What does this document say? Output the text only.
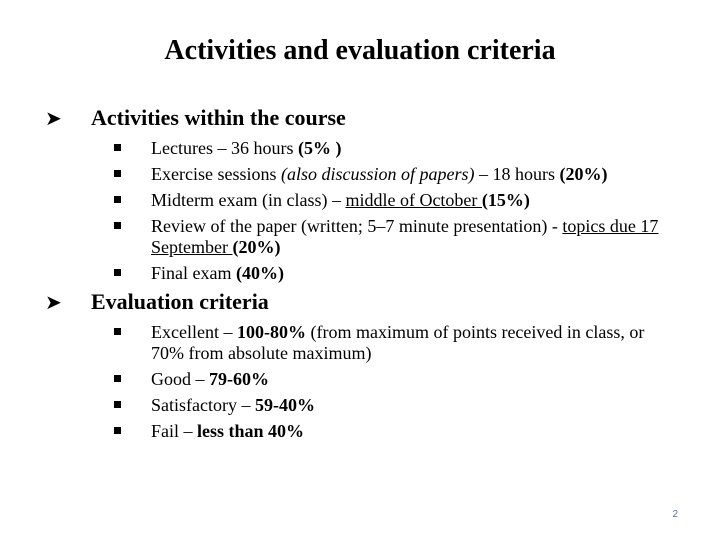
Activities and evaluation criteria
➤ Activities within the course
Lectures – 36 hours (5% )
Exercise sessions (also discussion of papers) – 18 hours (20%)
Midterm exam (in class) – middle of October (15%)
Review of the paper (written; 5–7 minute presentation) - topics due 17 September (20%)
Final exam (40%)
➤ Evaluation criteria
Excellent – 100-80% (from maximum of points received in class, or 70% from absolute maximum)
Good – 79-60%
Satisfactory – 59-40%
Fail – less than 40%
2
